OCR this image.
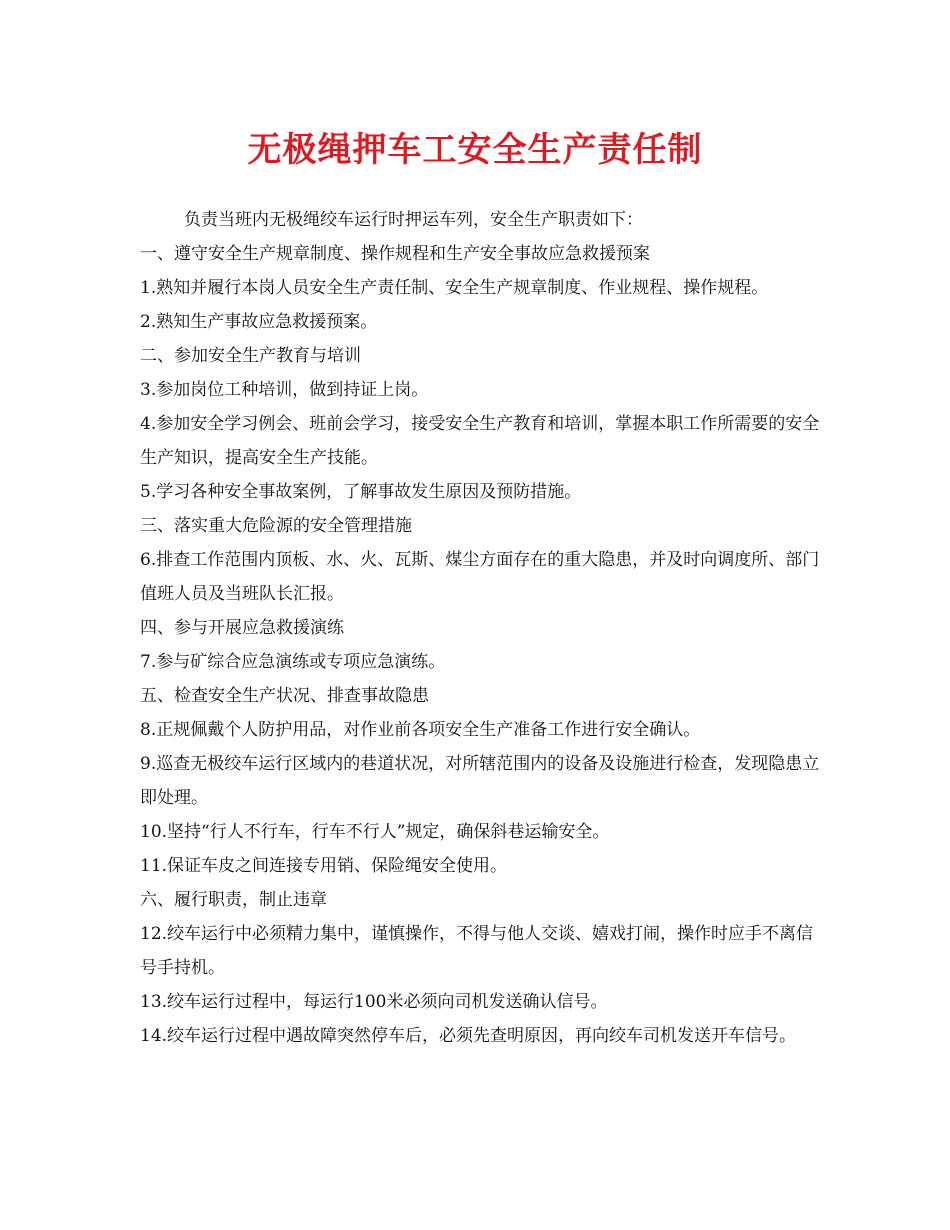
无极绳押车工安全生产责任制

负责当班内无极绳绞车运行时押运车列，安全生产职责如下：

一、遵守安全生产规章制度、操作规程和生产安全事故应急救援预案

1.熟知并履行本岗人员安全生产责任制、安全生产规章制度、作业规程、操作规程。

2.熟知生产事故应急救援预案。

二、参加安全生产教育与培训

3.参加岗位工种培训，做到持证上岗。

4.参加安全学习例会、班前会学习，接受安全生产教育和培训，掌握本职工作所需要的安全生产知识，提高安全生产技能。

5.学习各种安全事故案例，了解事故发生原因及预防措施。

三、落实重大危险源的安全管理措施

6.排查工作范围内顶板、水、火、瓦斯、煤尘方面存在的重大隐患，并及时向调度所、部门值班人员及当班队长汇报。

四、参与开展应急救援演练

7.参与矿综合应急演练或专项应急演练。

五、检查安全生产状况、排查事故隐患

8.正规佩戴个人防护用品，对作业前各项安全生产准备工作进行安全确认。

9.巡查无极绞车运行区域内的巷道状况，对所辖范围内的设备及设施进行检查，发现隐患立即处理。

10.坚持“行人不行车，行车不行人”规定，确保斜巷运输安全。

11.保证车皮之间连接专用销、保险绳安全使用。

六、履行职责，制止违章

12.绞车运行中必须精力集中，谨慎操作，不得与他人交谈、嬉戏打闹，操作时应手不离信号手持机。

13.绞车运行过程中，每运行100米必须向司机发送确认信号。

14.绞车运行过程中遇故障突然停车后，必须先查明原因，再向绞车司机发送开车信号。
